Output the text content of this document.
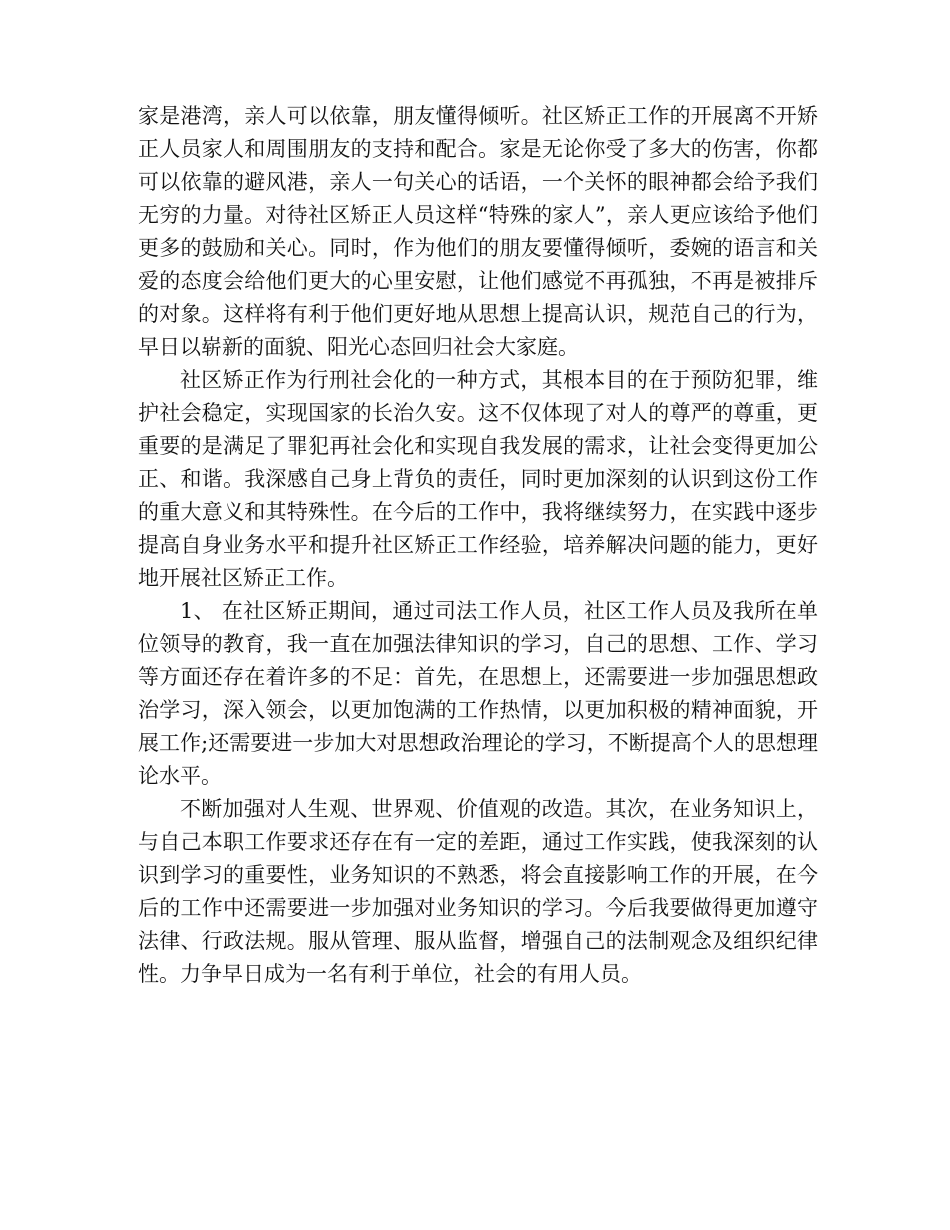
家是港湾，亲人可以依靠，朋友懂得倾听。社区矫正工作的开展离不开矫正人员家人和周围朋友的支持和配合。家是无论你受了多大的伤害，你都可以依靠的避风港，亲人一句关心的话语，一个关怀的眼神都会给予我们无穷的力量。对待社区矫正人员这样“特殊的家人”，亲人更应该给予他们更多的鼓励和关心。同时，作为他们的朋友要懂得倾听，委婉的语言和关爱的态度会给他们更大的心里安慰，让他们感觉不再孤独，不再是被排斥的对象。这样将有利于他们更好地从思想上提高认识，规范自己的行为，早日以崭新的面貌、阳光心态回归社会大家庭。

社区矫正作为行刑社会化的一种方式，其根本目的在于预防犯罪，维护社会稳定，实现国家的长治久安。这不仅体现了对人的尊严的尊重，更重要的是满足了罪犯再社会化和实现自我发展的需求，让社会变得更加公正、和谐。我深感自己身上背负的责任，同时更加深刻的认识到这份工作的重大意义和其特殊性。在今后的工作中，我将继续努力，在实践中逐步提高自身业务水平和提升社区矫正工作经验，培养解决问题的能力，更好地开展社区矫正工作。

1、 在社区矫正期间，通过司法工作人员，社区工作人员及我所在单位领导的教育，我一直在加强法律知识的学习，自己的思想、工作、学习等方面还存在着许多的不足：首先，在思想上，还需要进一步加强思想政治学习，深入领会，以更加饱满的工作热情，以更加积极的精神面貌，开展工作;还需要进一步加大对思想政治理论的学习，不断提高个人的思想理论水平。

不断加强对人生观、世界观、价值观的改造。其次，在业务知识上，与自己本职工作要求还存在有一定的差距，通过工作实践，使我深刻的认识到学习的重要性，业务知识的不熟悉，将会直接影响工作的开展，在今后的工作中还需要进一步加强对业务知识的学习。今后我要做得更加遵守法律、行政法规。服从管理、服从监督，增强自己的法制观念及组织纪律性。力争早日成为一名有利于单位，社会的有用人员。
